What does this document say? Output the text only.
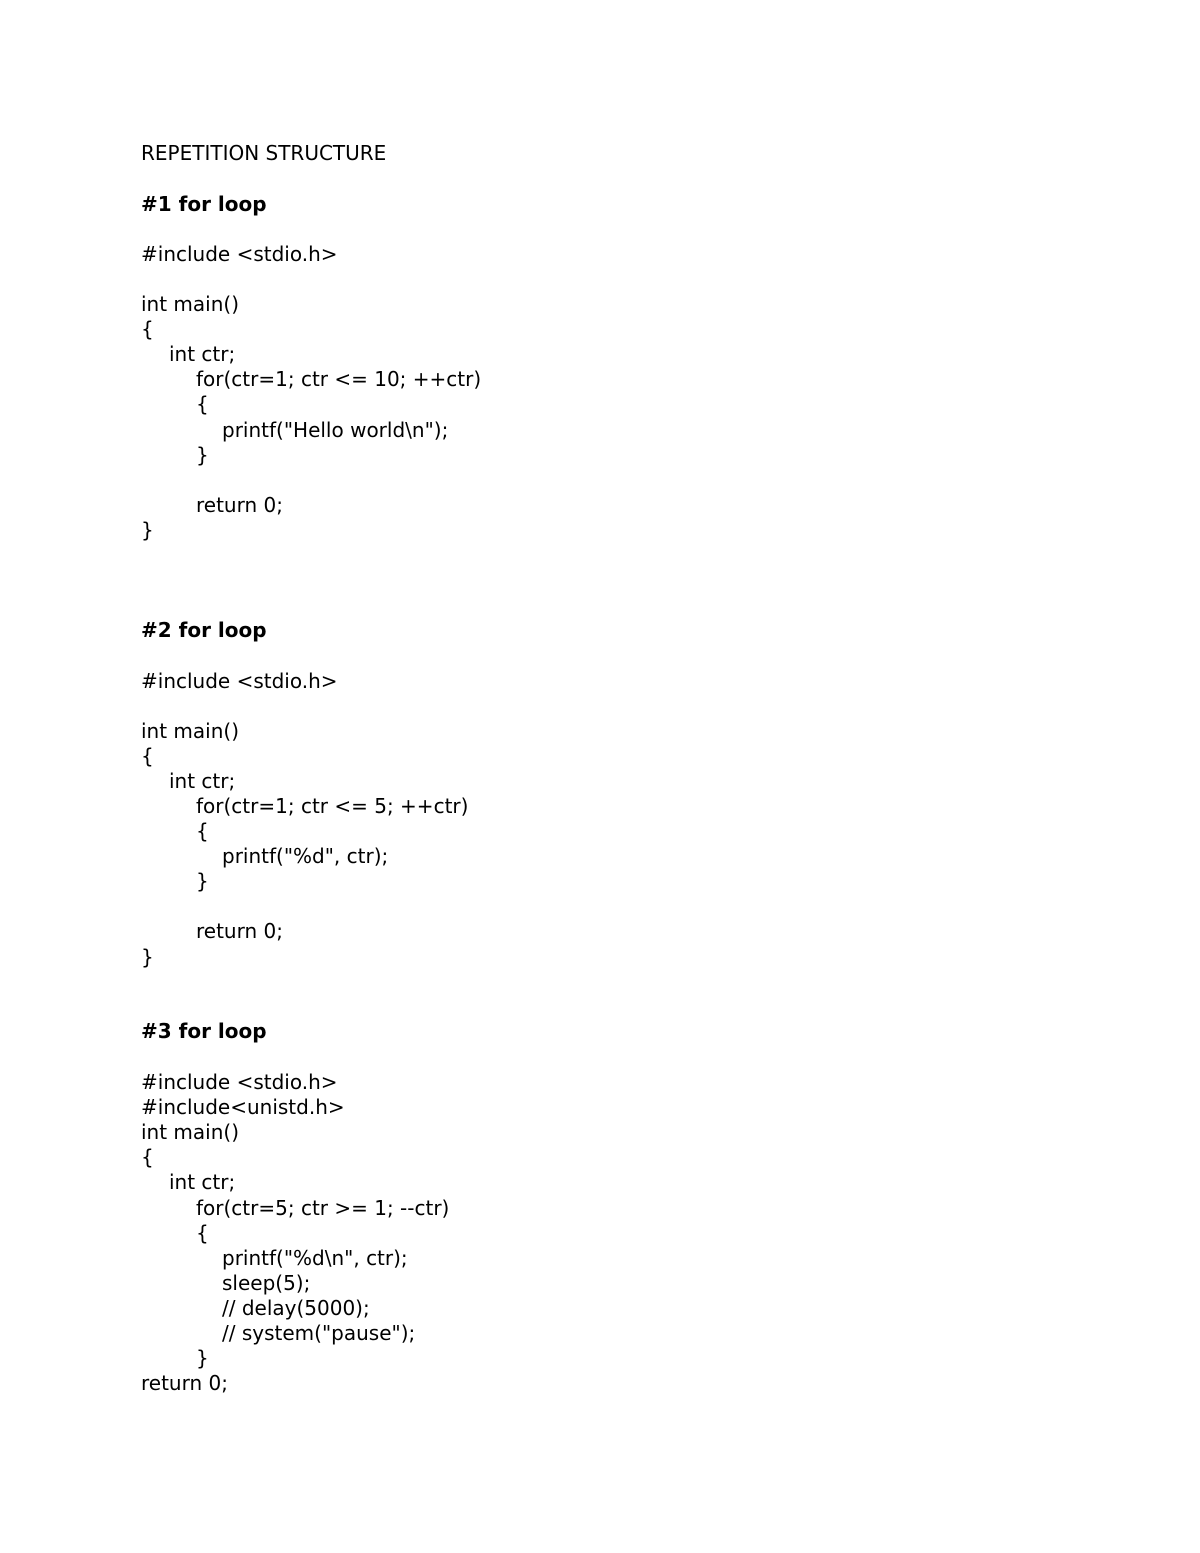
REPETITION STRUCTURE
#1 for loop
#include <stdio.h>
int main()
{
int ctr;
for(ctr=1; ctr <= 10; ++ctr)
{
printf("Hello world\n");
}
return 0;
}
#2 for loop
#include <stdio.h>
int main()
{
int ctr;
for(ctr=1; ctr <= 5; ++ctr)
{
printf("%d", ctr);
}
return 0;
}
#3 for loop
#include <stdio.h>
#include<unistd.h>
int main()
{
int ctr;
for(ctr=5; ctr >= 1; --ctr)
{
printf("%d\n", ctr);
sleep(5);
// delay(5000);
// system("pause");
}
return 0;
